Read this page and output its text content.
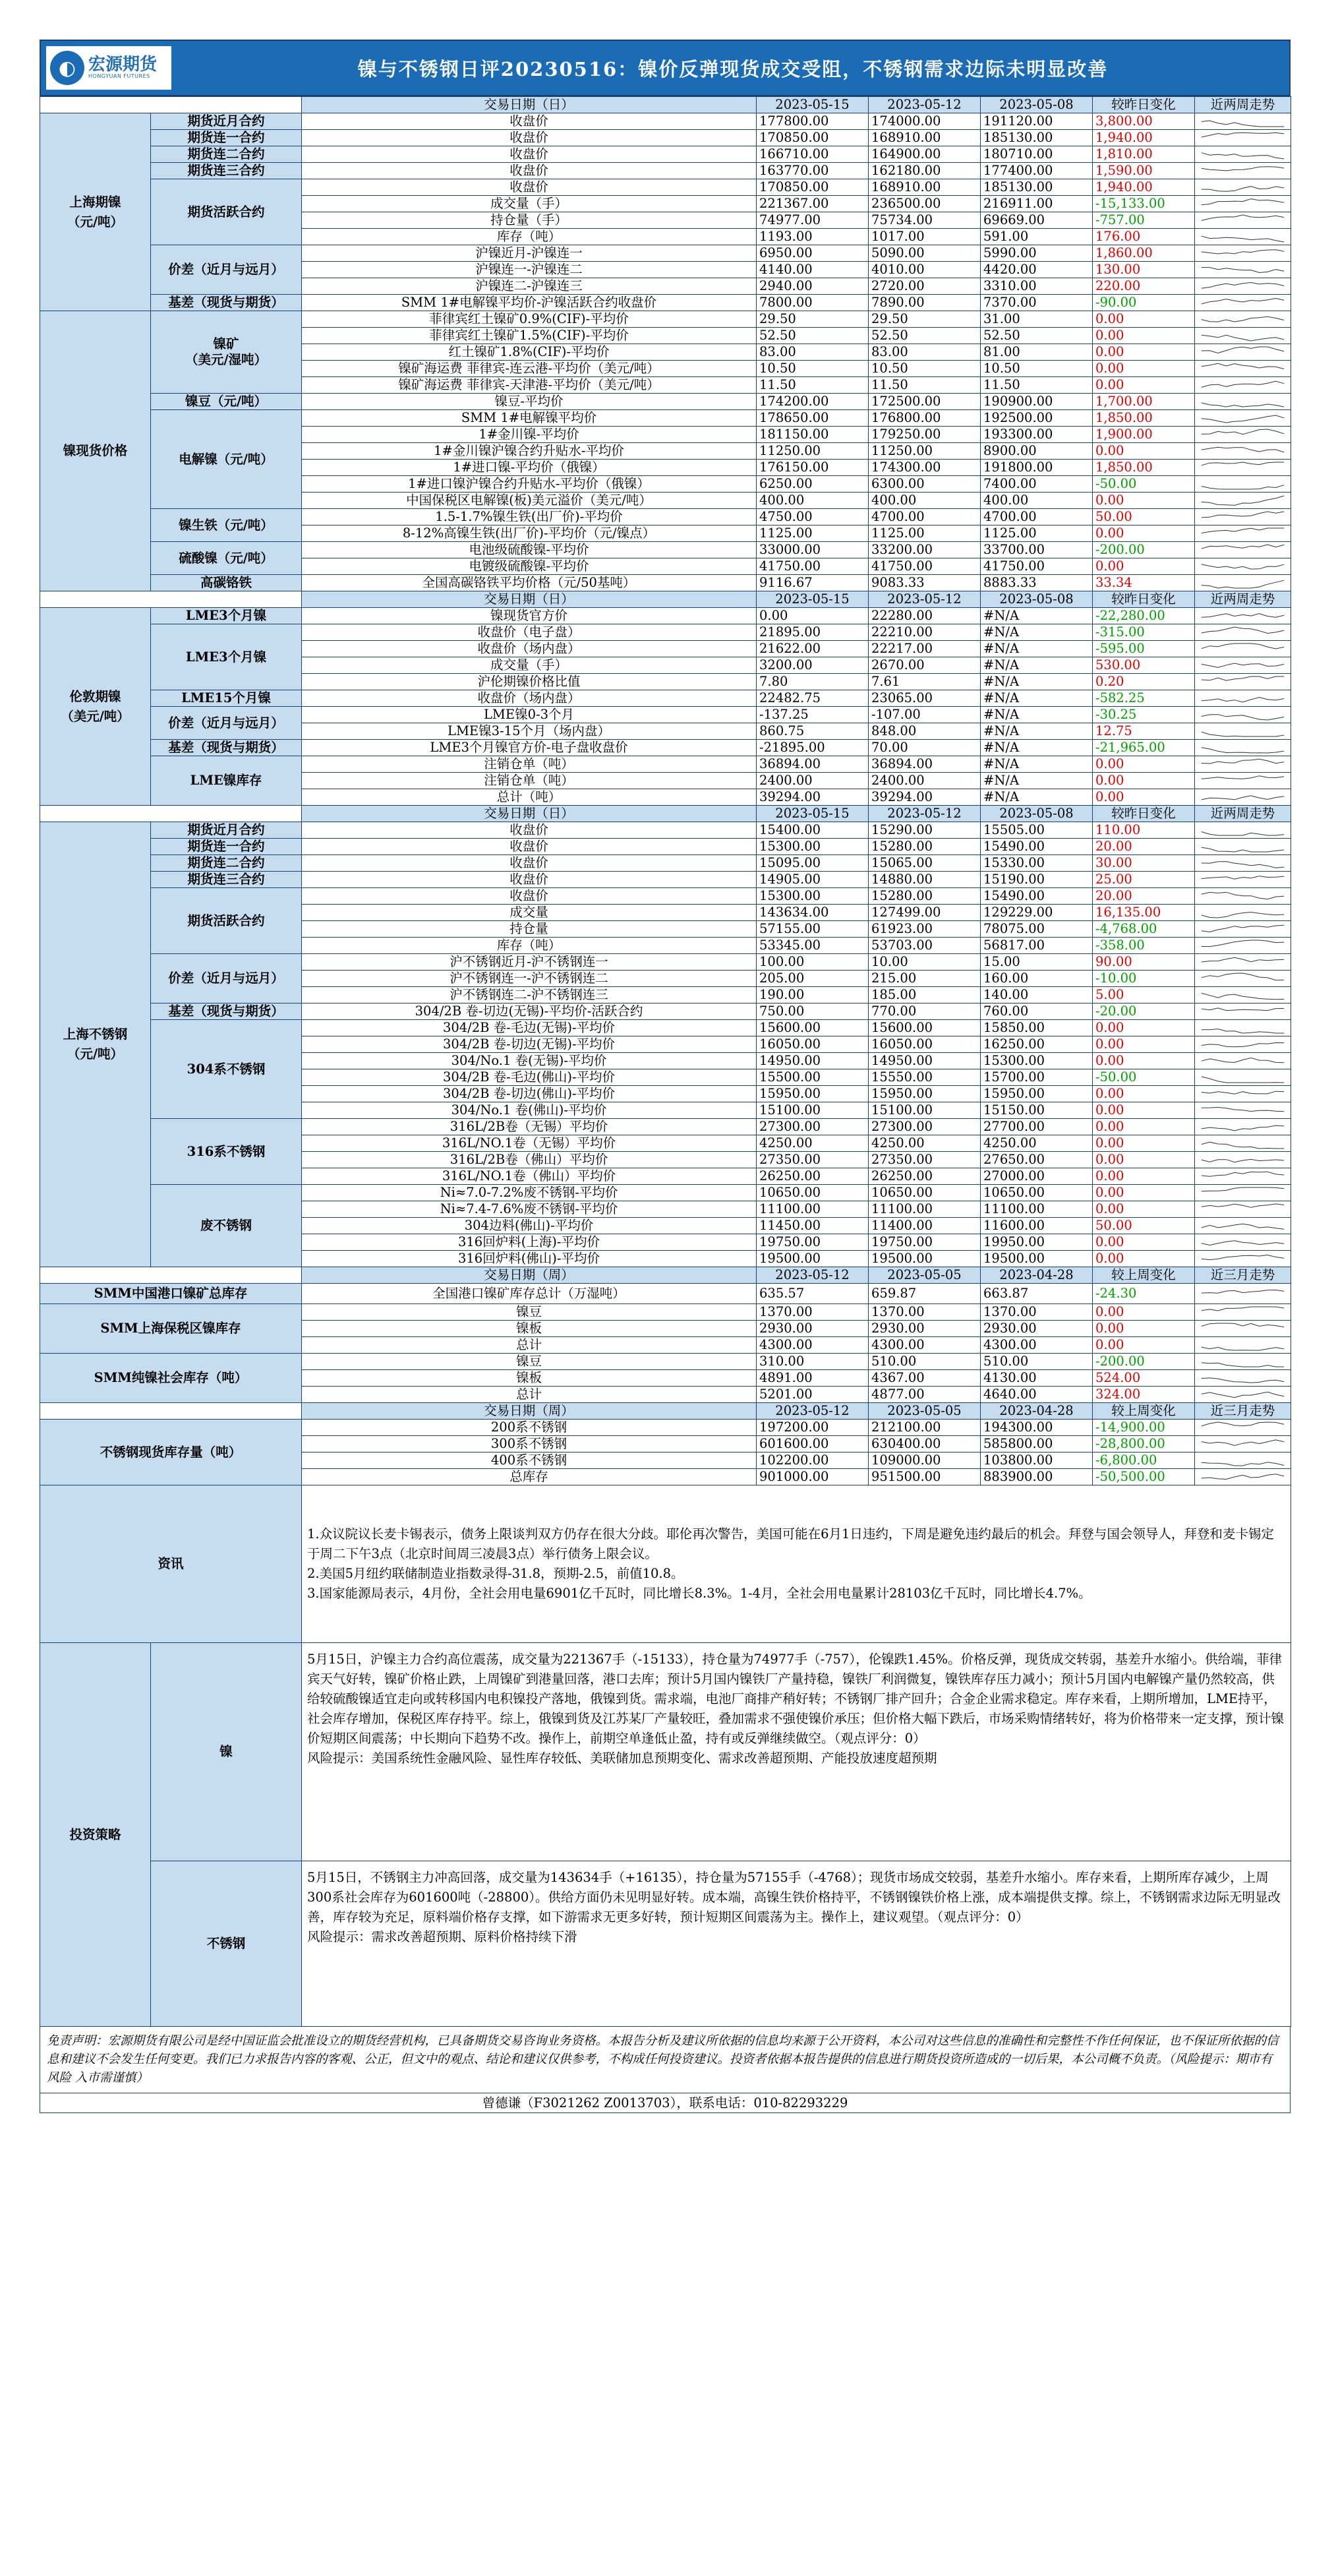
◐ 宏源期货
HONGYUAN FUTURES	镍与不锈钢日评20230516：镍价反弹现货成交受阻，不锈钢需求边际未明显改善
		交易日期（日）	2023-05-15	2023-05-12	2023-05-08	较昨日变化	近两周走势
上海期镍
（元/吨）	期货近月合约	收盘价	177800.00	174000.00	191120.00	3,800.00	

	期货连一合约	收盘价	170850.00	168910.00	185130.00	1,940.00	

	期货连二合约	收盘价	166710.00	164900.00	180710.00	1,810.00	

	期货连三合约	收盘价	163770.00	162180.00	177400.00	1,590.00	

	期货活跃合约	收盘价	170850.00	168910.00	185130.00	1,940.00	

		成交量（手）	221367.00	236500.00	216911.00	-15,133.00	

		持仓量（手）	74977.00	75734.00	69669.00	-757.00	

		库存（吨）	1193.00	1017.00	591.00	176.00	

	价差（近月与远月）	沪镍近月-沪镍连一	6950.00	5090.00	5990.00	1,860.00	

		沪镍连一-沪镍连二	4140.00	4010.00	4420.00	130.00	

		沪镍连二-沪镍连三	2940.00	2720.00	3310.00	220.00	

	基差（现货与期货）	SMM 1#电解镍平均价-沪镍活跃合约收盘价	7800.00	7890.00	7370.00	-90.00	

镍现货价格	镍矿
（美元/湿吨）	菲律宾红土镍矿0.9%(CIF)-平均价	29.50	29.50	31.00	0.00	

		菲律宾红土镍矿1.5%(CIF)-平均价	52.50	52.50	52.50	0.00	

		红土镍矿1.8%(CIF)-平均价	83.00	83.00	81.00	0.00	

		镍矿海运费 菲律宾-连云港-平均价（美元/吨）	10.50	10.50	10.50	0.00	

		镍矿海运费 菲律宾-天津港-平均价（美元/吨）	11.50	11.50	11.50	0.00	

	镍豆（元/吨）	镍豆-平均价	174200.00	172500.00	190900.00	1,700.00	

	电解镍（元/吨）	SMM 1#电解镍平均价	178650.00	176800.00	192500.00	1,850.00	

		1#金川镍-平均价	181150.00	179250.00	193300.00	1,900.00	

		1#金川镍沪镍合约升贴水-平均价	11250.00	11250.00	8900.00	0.00	

		1#进口镍-平均价（俄镍）	176150.00	174300.00	191800.00	1,850.00	

		1#进口镍沪镍合约升贴水-平均价（俄镍）	6250.00	6300.00	7400.00	-50.00	

		中国保税区电解镍(板)美元溢价（美元/吨）	400.00	400.00	400.00	0.00	

	镍生铁（元/吨）	1.5-1.7%镍生铁(出厂价)-平均价	4750.00	4700.00	4700.00	50.00	

		8-12%高镍生铁(出厂价)-平均价（元/镍点）	1125.00	1125.00	1125.00	0.00	

	硫酸镍（元/吨）	电池级硫酸镍-平均价	33000.00	33200.00	33700.00	-200.00	

		电镀级硫酸镍-平均价	41750.00	41750.00	41750.00	0.00	

	高碳铬铁	全国高碳铬铁平均价格（元/50基吨）	9116.67	9083.33	8883.33	33.34	

		交易日期（日）	2023-05-15	2023-05-12	2023-05-08	较昨日变化	近两周走势
伦敦期镍
（美元/吨）	LME3个月镍	镍现货官方价	0.00	22280.00	#N/A	-22,280.00	

	LME3个月镍	收盘价（电子盘）	21895.00	22210.00	#N/A	-315.00	

		收盘价（场内盘）	21622.00	22217.00	#N/A	-595.00	

		成交量（手）	3200.00	2670.00	#N/A	530.00	

		沪伦期镍价格比值	7.80	7.61	#N/A	0.20	

	LME15个月镍	收盘价（场内盘）	22482.75	23065.00	#N/A	-582.25	

	价差（近月与远月）	LME镍0-3个月	-137.25	-107.00	#N/A	-30.25	

		LME镍3-15个月（场内盘）	860.75	848.00	#N/A	12.75	

	基差（现货与期货）	LME3个月镍官方价-电子盘收盘价	-21895.00	70.00	#N/A	-21,965.00	

	LME镍库存	注销仓单（吨）	36894.00	36894.00	#N/A	0.00	

		注销仓单（吨）	2400.00	2400.00	#N/A	0.00	

		总计（吨）	39294.00	39294.00	#N/A	0.00	

		交易日期（日）	2023-05-15	2023-05-12	2023-05-08	较昨日变化	近两周走势
上海不锈钢
（元/吨）	期货近月合约	收盘价	15400.00	15290.00	15505.00	110.00	

	期货连一合约	收盘价	15300.00	15280.00	15490.00	20.00	

	期货连二合约	收盘价	15095.00	15065.00	15330.00	30.00	

	期货连三合约	收盘价	14905.00	14880.00	15190.00	25.00	

	期货活跃合约	收盘价	15300.00	15280.00	15490.00	20.00	

		成交量	143634.00	127499.00	129229.00	16,135.00	

		持仓量	57155.00	61923.00	78075.00	-4,768.00	

		库存（吨）	53345.00	53703.00	56817.00	-358.00	

	价差（近月与远月）	沪不锈钢近月-沪不锈钢连一	100.00	10.00	15.00	90.00	

		沪不锈钢连一-沪不锈钢连二	205.00	215.00	160.00	-10.00	

		沪不锈钢连二-沪不锈钢连三	190.00	185.00	140.00	5.00	

	基差（现货与期货）	304/2B 卷-切边(无锡)-平均价-活跃合约	750.00	770.00	760.00	-20.00	

	304系不锈钢	304/2B 卷-毛边(无锡)-平均价	15600.00	15600.00	15850.00	0.00	

		304/2B 卷-切边(无锡)-平均价	16050.00	16050.00	16250.00	0.00	

		304/No.1 卷(无锡)-平均价	14950.00	14950.00	15300.00	0.00	

		304/2B 卷-毛边(佛山)-平均价	15500.00	15550.00	15700.00	-50.00	

		304/2B 卷-切边(佛山)-平均价	15950.00	15950.00	15950.00	0.00	

		304/No.1 卷(佛山)-平均价	15100.00	15100.00	15150.00	0.00	

	316系不锈钢	316L/2B卷（无锡）平均价	27300.00	27300.00	27700.00	0.00	

		316L/NO.1卷（无锡）平均价	4250.00	4250.00	4250.00	0.00	

		316L/2B卷（佛山）平均价	27350.00	27350.00	27650.00	0.00	

		316L/NO.1卷（佛山）平均价	26250.00	26250.00	27000.00	0.00	

	废不锈钢	Ni≈7.0-7.2%废不锈钢-平均价	10650.00	10650.00	10650.00	0.00	

		Ni≈7.4-7.6%废不锈钢-平均价	11100.00	11100.00	11100.00	0.00	

		304边料(佛山)-平均价	11450.00	11400.00	11600.00	50.00	

		316回炉料(上海)-平均价	19750.00	19750.00	19950.00	0.00	

		316回炉料(佛山)-平均价	19500.00	19500.00	19500.00	0.00	

		交易日期（周）	2023-05-12	2023-05-05	2023-04-28	较上周变化	近三月走势
SMM中国港口镍矿总库存		全国港口镍矿库存总计（万湿吨）	635.57	659.87	663.87	-24.30	

SMM上海保税区镍库存		镍豆	1370.00	1370.00	1370.00	0.00	

		镍板	2930.00	2930.00	2930.00	0.00	

		总计	4300.00	4300.00	4300.00	0.00	

SMM纯镍社会库存（吨）		镍豆	310.00	510.00	510.00	-200.00	

		镍板	4891.00	4367.00	4130.00	524.00	

		总计	5201.00	4877.00	4640.00	324.00	

		交易日期（周）	2023-05-12	2023-05-05	2023-04-28	较上周变化	近三月走势
不锈钢现货库存量（吨）		200系不锈钢	197200.00	212100.00	194300.00	-14,900.00	

		300系不锈钢	601600.00	630400.00	585800.00	-28,800.00	

		400系不锈钢	102200.00	109000.00	103800.00	-6,800.00	

		总库存	901000.00	951500.00	883900.00	-50,500.00	

资讯		1.众议院议长麦卡锡表示，债务上限谈判双方仍存在很大分歧。耶伦再次警告，美国可能在6月1日违约，下周是避免违约最后的机会。拜登与国会领导人，拜登和麦卡锡定于周二下午3点（北京时间周三凌晨3点）举行债务上限会议。
2.美国5月纽约联储制造业指数录得-31.8，预期-2.5，前值10.8。
3.国家能源局表示，4月份，全社会用电量6901亿千瓦时，同比增长8.3%。1-4月，全社会用电量累计28103亿千瓦时，同比增长4.7%。					

投资策略	镍	5月15日，沪镍主力合约高位震荡，成交量为221367手（-15133），持仓量为74977手（-757），伦镍跌1.45%。价格反弹，现货成交转弱，基差升水缩小。供给端，菲律宾天气好转，镍矿价格止跌，上周镍矿到港量回落，港口去库；预计5月国内镍铁厂产量持稳，镍铁厂利润微复，镍铁库存压力减小；预计5月国内电解镍产量仍然较高，供给较硫酸镍适宜走向或转移国内电积镍投产落地，俄镍到货。需求端，电池厂商排产稍好转；不锈钢厂排产回升；合金企业需求稳定。库存来看，上期所增加，LME持平，社会库存增加，保税区库存持平。综上，俄镍到货及江苏某厂产量较旺，叠加需求不强使镍价承压；但价格大幅下跌后，市场采购情绪转好，将为价格带来一定支撑，预计镍价短期区间震荡；中长期向下趋势不改。操作上，前期空单逢低止盈，持有或反弹继续做空。（观点评分：0）
风险提示：美国系统性金融风险、显性库存较低、美联储加息预期变化、需求改善超预期、产能投放速度超预期					

	不锈钢	5月15日，不锈钢主力冲高回落，成交量为143634手（+16135），持仓量为57155手（-4768）；现货市场成交较弱，基差升水缩小。库存来看，上期所库存减少，上周300系社会库存为601600吨（-28800）。供给方面仍未见明显好转。成本端，高镍生铁价格持平，不锈钢镍铁价格上涨，成本端提供支撑。综上，不锈钢需求边际无明显改善，库存较为充足，原料端价格存支撑，如下游需求无更多好转，预计短期区间震荡为主。操作上，建议观望。（观点评分：0）
风险提示：需求改善超预期、原料价格持续下滑					
免责声明：宏源期货有限公司是经中国证监会批准设立的期货经营机构，已具备期货交易咨询业务资格。本报告分析及建议所依据的信息均来源于公开资料，本公司对这些信息的准确性和完整性不作任何保证，也不保证所依据的信息和建议不会发生任何变更。我们已力求报告内容的客观、公正，但文中的观点、结论和建议仅供参考，不构成任何投资建议。投资者依据本报告提供的信息进行期货投资所造成的一切后果，本公司概不负责。（风险提示：期市有风险 入市需谨慎）
曾德谦（F3021262 Z0013703），联系电话：010-82293229
